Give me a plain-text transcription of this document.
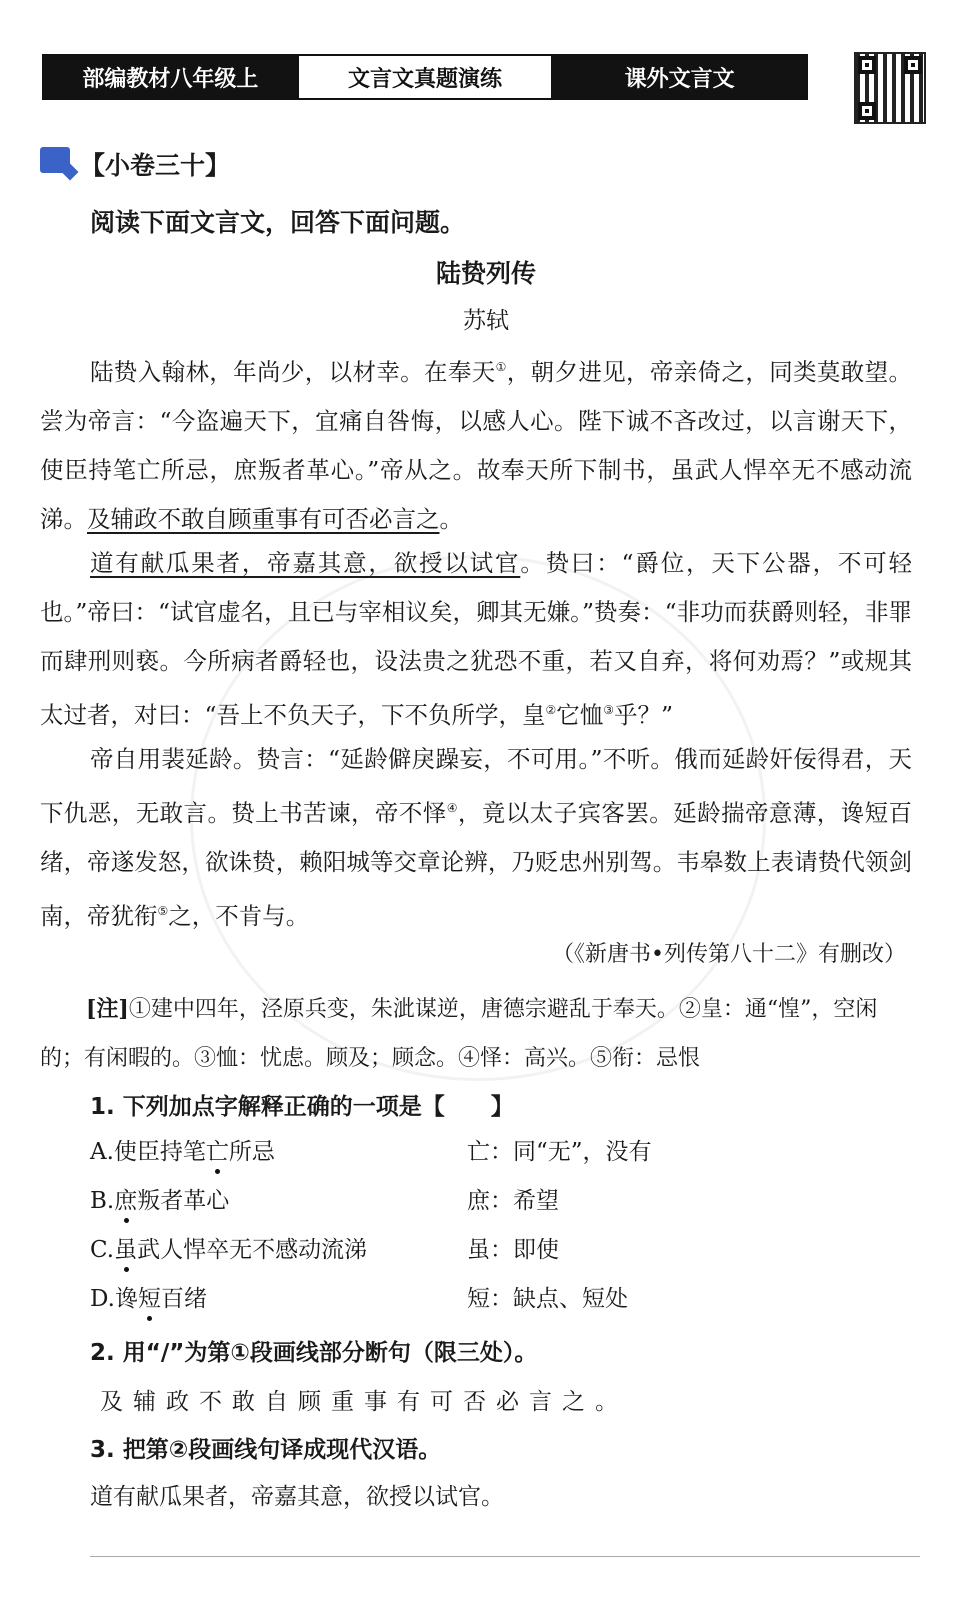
部编教材八年级上	文言文真题演练	课外文言文
【小卷三十】
阅读下面文言文，回答下面问题。
陆贽列传
苏轼

陆贽入翰林，年尚少，以材幸。在奉天①，朝夕进见，帝亲倚之，同类莫敢望。尝为帝言：“今盗遍天下，宜痛自咎悔，以感人心。陛下诚不吝改过，以言谢天下，使臣持笔亡所忌，庶叛者革心。”帝从之。故奉天所下制书，虽武人悍卒无不感动流涕。及辅政不敢自顾重事有可否必言之。

道有献瓜果者，帝嘉其意，欲授以试官。贽曰：“爵位，天下公器，不可轻也。”帝曰：“试官虚名，且已与宰相议矣，卿其无嫌。”贽奏：“非功而获爵则轻，非罪而肆刑则亵。今所病者爵轻也，设法贵之犹恐不重，若又自弃，将何劝焉？”或规其太过者，对曰：“吾上不负天子，下不负所学，皇②它恤③乎？”

帝自用裴延龄。贽言：“延龄僻戾躁妄，不可用。”不听。俄而延龄奸佞得君，天下仇恶，无敢言。贽上书苦谏，帝不怿④，竟以太子宾客罢。延龄揣帝意薄，谗短百绪，帝遂发怒，欲诛贽，赖阳城等交章论辨，乃贬忠州别驾。韦皋数上表请贽代领剑南，帝犹衔⑤之，不肯与。

（《新唐书•列传第八十二》有删改）

[注]①建中四年，泾原兵变，朱泚谋逆，唐德宗避乱于奉天。②皇：通“惶”，空闲的；有闲暇的。③恤：忧虑。顾及；顾念。④怿：高兴。⑤衔：忌恨

1. 下列加点字解释正确的一项是【　　】
A.使臣持笔亡所忌	亡：同“无”，没有
B.庶叛者革心	庶：希望
C.虽武人悍卒无不感动流涕	虽：即使
D.谗短百绪	短：缺点、短处
2. 用“/”为第①段画线部分断句（限三处）。
及辅政不敢自顾重事有可否必言之。
3. 把第②段画线句译成现代汉语。
道有献瓜果者，帝嘉其意，欲授以试官。
